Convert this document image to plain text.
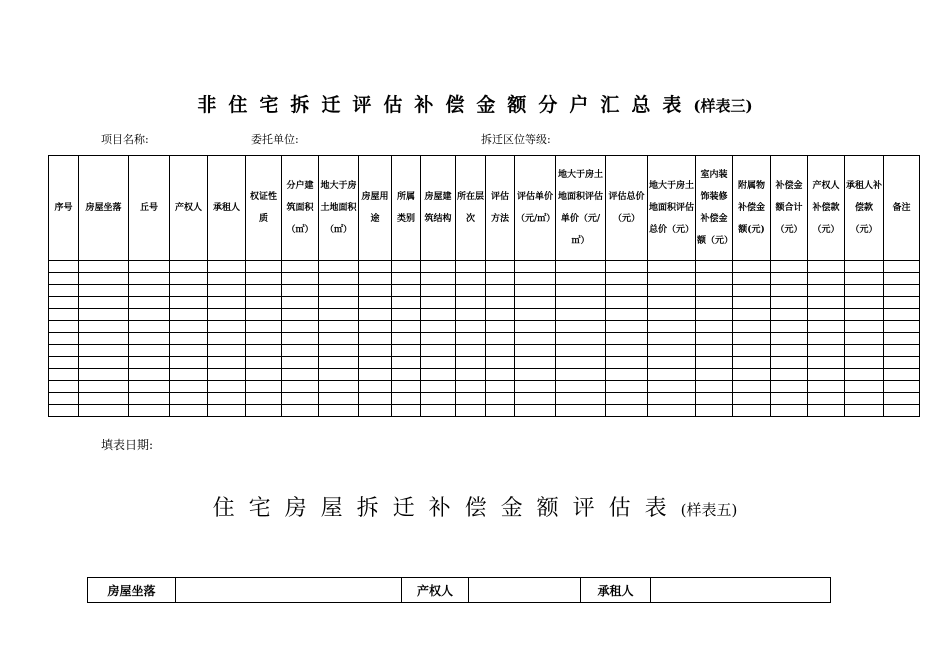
非住宅拆迁评估补偿金额分户汇总表(样表三)
项目名称:	委托单位:	拆迁区位等级:
序号	房屋坐落	丘号	产权人	承租人	权证性质	分户建筑面积（㎡）	地大于房土地面积（㎡）	房屋用途	所属类别	房屋建筑结构	所在层次	评估方法	评估单价（元/㎡）	地大于房土地面积评估单价（元/㎡）	评估总价（元）	地大于房土地面积评估总价（元）	室内装饰装修补偿金额（元）	附属物补偿金额(元)	补偿金额合计（元）	产权人补偿款（元）	承租人补偿款（元）	备注

填表日期:
住宅房屋拆迁补偿金额评估表(样表五)
房屋坐落		产权人		承租人	
